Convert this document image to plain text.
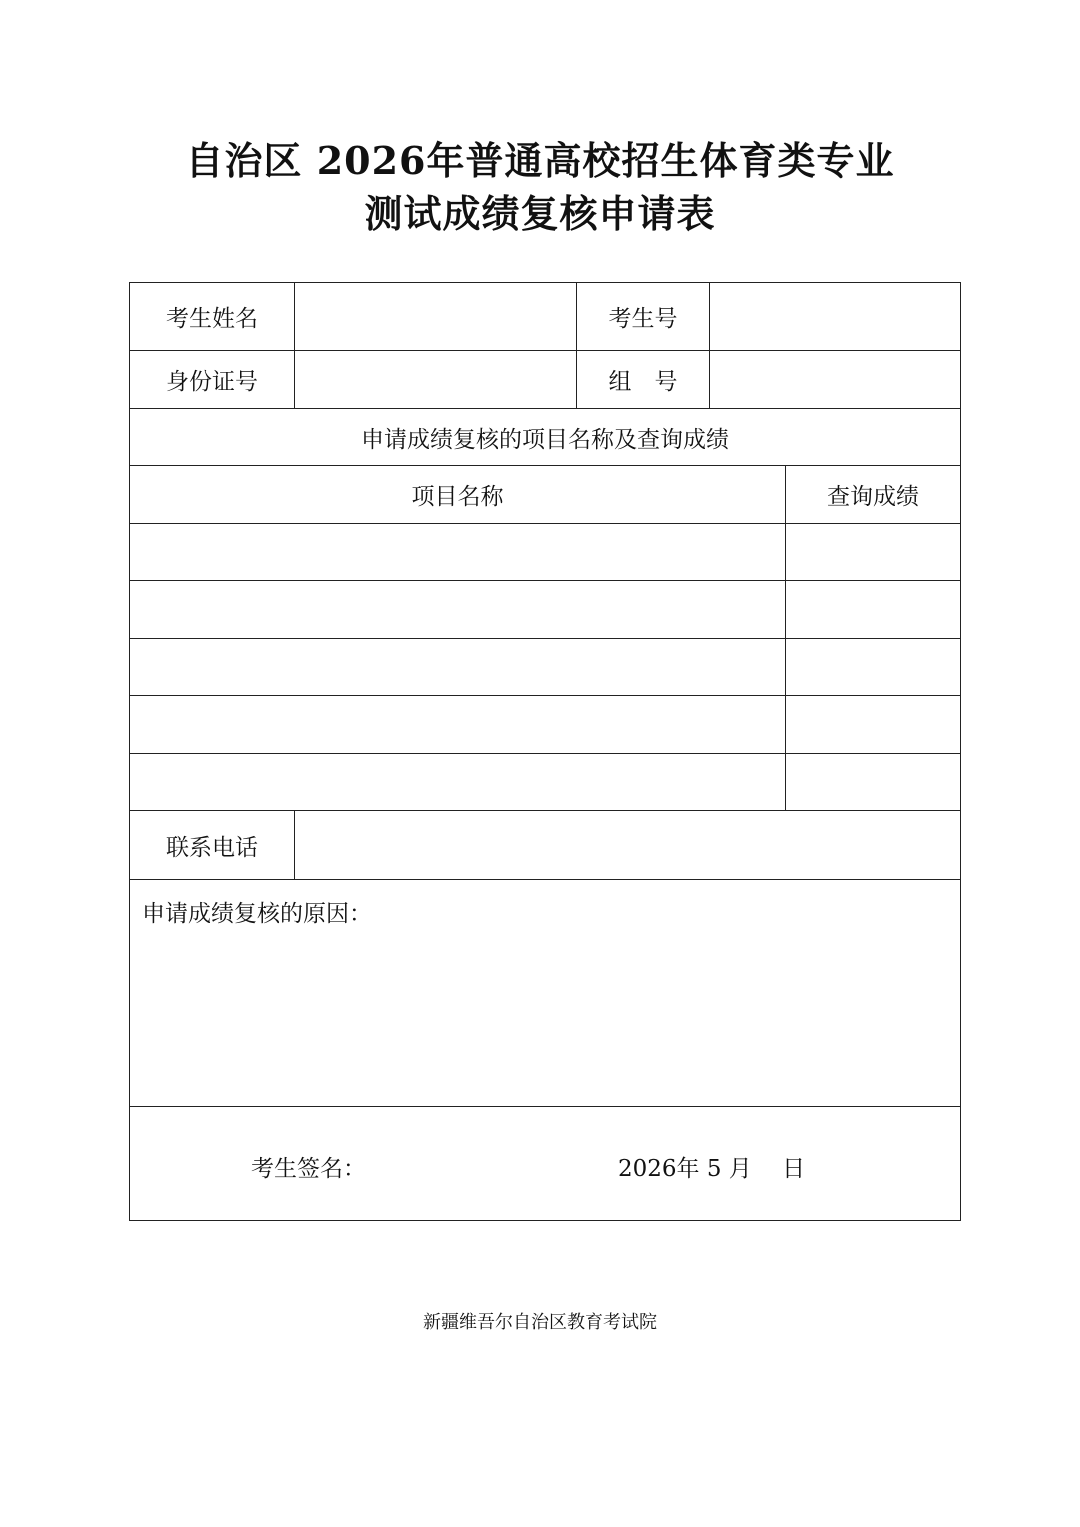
自治区 2026年普通高校招生体育类专业
测试成绩复核申请表
考生姓名	考生号
身份证号	组　号
申请成绩复核的项目名称及查询成绩
项目名称	查询成绩
联系电话
申请成绩复核的原因：
考生签名：	2026年 5 月　 日
新疆维吾尔自治区教育考试院
